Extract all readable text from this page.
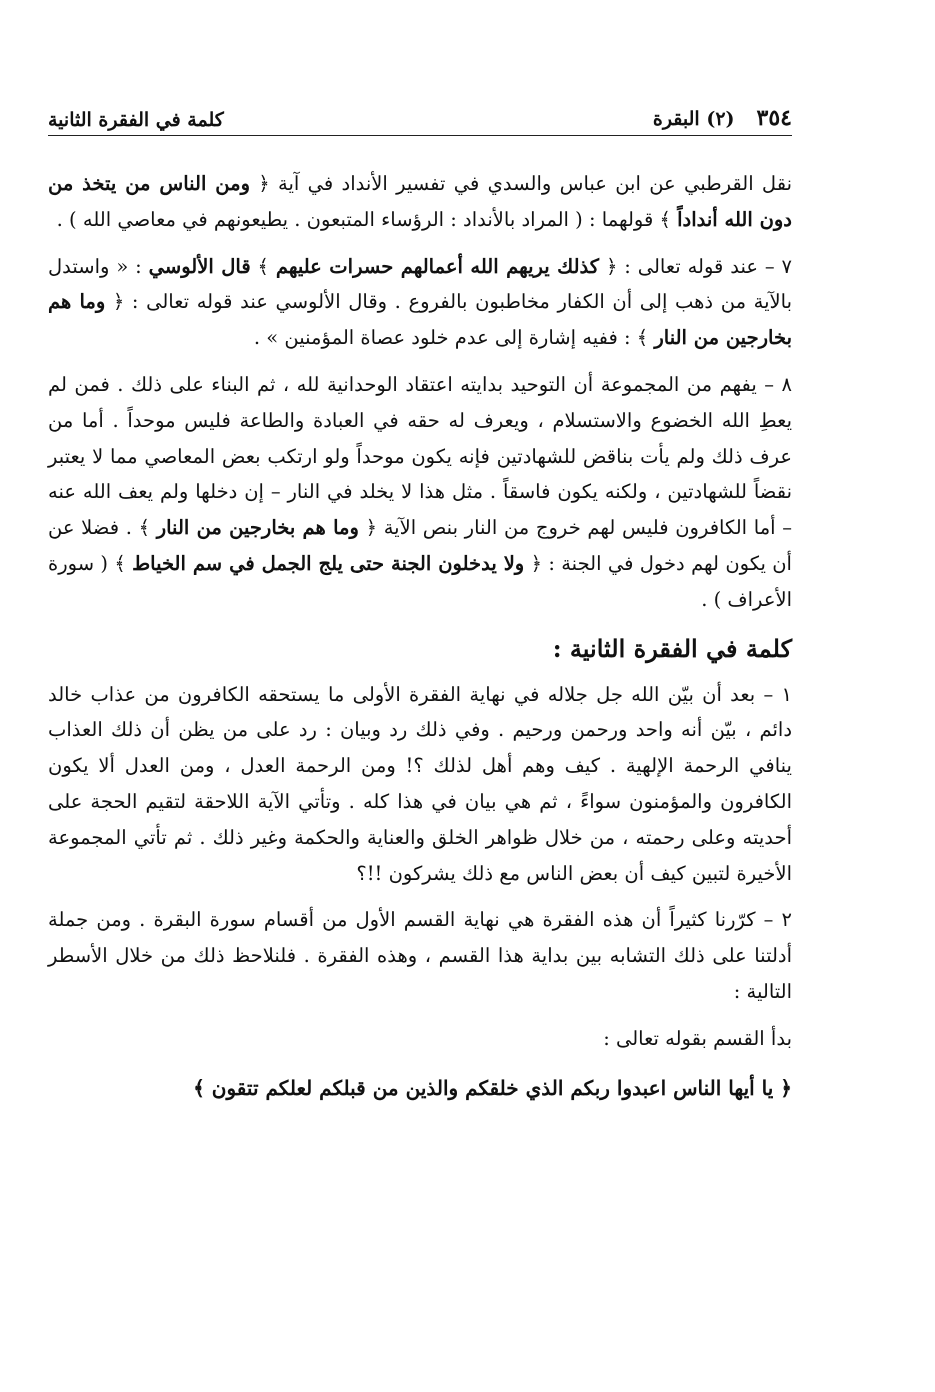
٣٥٤
(٢) البقرة
كلمة في الفقرة الثانية

نقل القرطبي عن ابن عباس والسدي في تفسير الأنداد في آية ﴿ ومن الناس من يتخذ من دون الله أنداداً ﴾ قولهما : ( المراد بالأنداد : الرؤساء المتبعون . يطيعونهم في معاصي الله ) .

٧ – عند قوله تعالى : ﴿ كذلك يريهم الله أعمالهم حسرات عليهم ﴾ قال الألوسي : « واستدل بالآية من ذهب إلى أن الكفار مخاطبون بالفروع . وقال الألوسي عند قوله تعالى : ﴿ وما هم بخارجين من النار ﴾ : ففيه إشارة إلى عدم خلود عصاة المؤمنين » .

٨ – يفهم من المجموعة أن التوحيد بدايته اعتقاد الوحدانية لله ، ثم البناء على ذلك . فمن لم يعطِ الله الخضوع والاستسلام ، ويعرف له حقه في العبادة والطاعة فليس موحداً . أما من عرف ذلك ولم يأت بناقض للشهادتين فإنه يكون موحداً ولو ارتكب بعض المعاصي مما لا يعتبر نقضاً للشهادتين ، ولكنه يكون فاسقاً . مثل هذا لا يخلد في النار – إن دخلها ولم يعف الله عنه – أما الكافرون فليس لهم خروج من النار بنص الآية ﴿ وما هم بخارجين من النار ﴾ . فضلا عن أن يكون لهم دخول في الجنة : ﴿ ولا يدخلون الجنة حتى يلج الجمل في سم الخياط ﴾ ( سورة الأعراف ) .

كلمة في الفقرة الثانية :

١ – بعد أن بيّن الله جل جلاله في نهاية الفقرة الأولى ما يستحقه الكافرون من عذاب خالد دائم ، بيّن أنه واحد ورحمن ورحيم . وفي ذلك رد وبيان : رد على من يظن أن ذلك العذاب ينافي الرحمة الإلهية . كيف وهم أهل لذلك ؟! ومن الرحمة العدل ، ومن العدل ألا يكون الكافرون والمؤمنون سواءً ، ثم هي بيان في هذا كله . وتأتي الآية اللاحقة لتقيم الحجة على أحديته وعلى رحمته ، من خلال ظواهر الخلق والعناية والحكمة وغير ذلك . ثم تأتي المجموعة الأخيرة لتبين كيف أن بعض الناس مع ذلك يشركون !!؟

٢ – كرّرنا كثيراً أن هذه الفقرة هي نهاية القسم الأول من أقسام سورة البقرة . ومن جملة أدلتنا على ذلك التشابه بين بداية هذا القسم ، وهذه الفقرة . فلنلاحظ ذلك من خلال الأسطر التالية :

بدأ القسم بقوله تعالى :

﴿ يا أيها الناس اعبدوا ربكم الذي خلقكم والذين من قبلكم لعلكم تتقون ﴾
